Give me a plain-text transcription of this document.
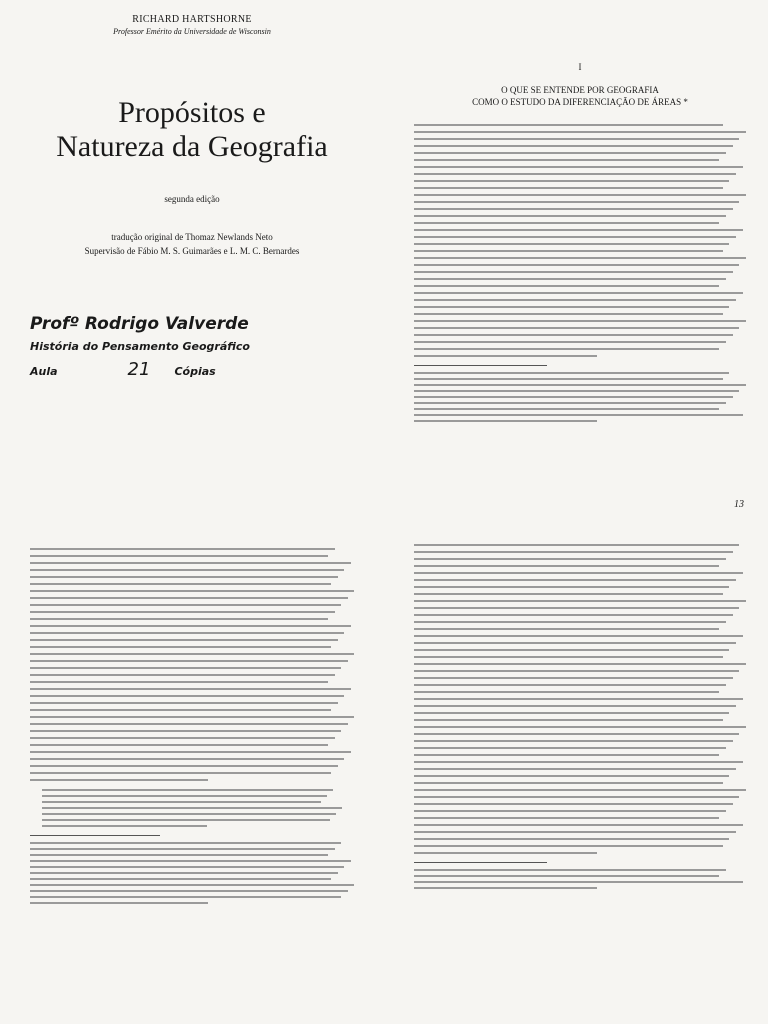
RICHARD HARTSHORNE
Professor Emérito da Universidade de Wisconsin
Propósitos e
Natureza da Geografia
segunda edição
tradução original de Thomaz Newlands Neto
Supervisão de Fábio M. S. Guimarães e L. M. C. Bernardes
Profº Rodrigo Valverde
História do Pensamento Geográfico
Aula	21 Cópias
I
O QUE SE ENTENDE POR GEOGRAFIA
COMO O ESTUDO DA DIFERENCIAÇÃO DE ÁREAS *
13
